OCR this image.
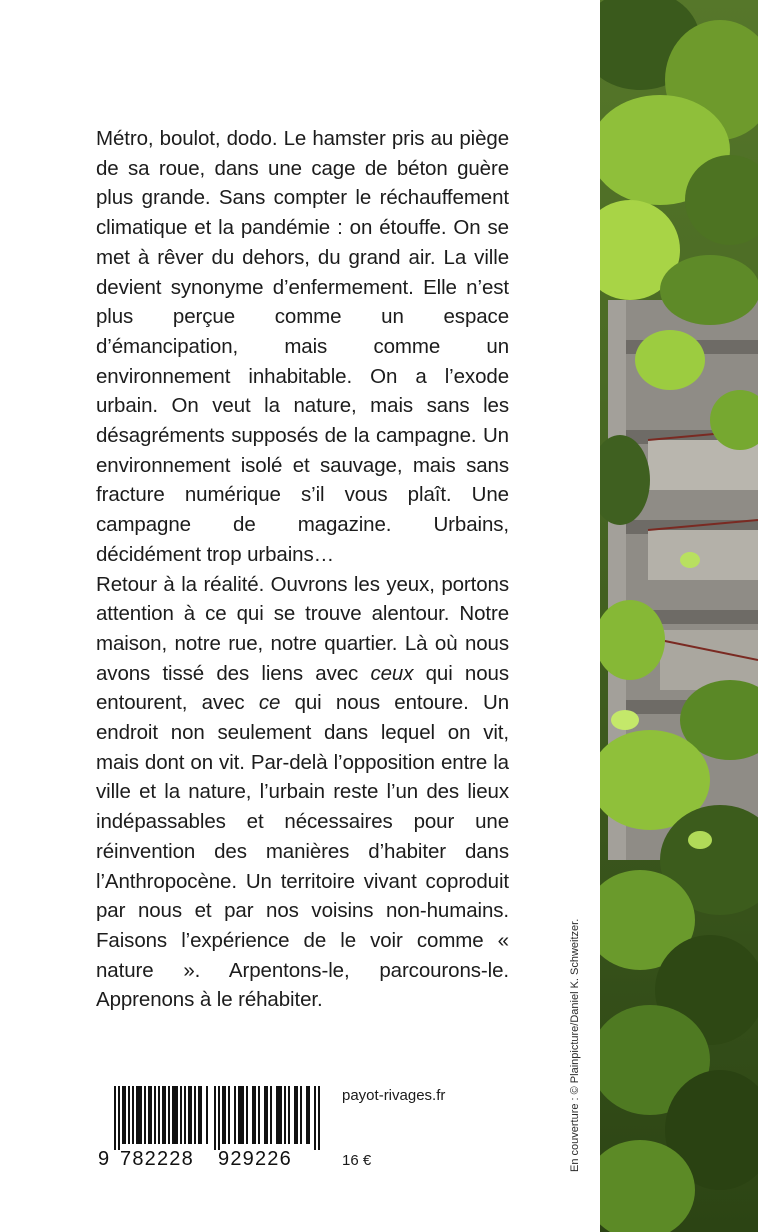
Métro, boulot, dodo. Le hamster pris au piège de sa roue, dans une cage de béton guère plus grande. Sans compter le réchauffement climatique et la pandémie : on étouffe. On se met à rêver du dehors, du grand air. La ville devient synonyme d’enfermement. Elle n’est plus perçue comme un espace d’émancipation, mais comme un environnement inhabitable. On a l’exode urbain. On veut la nature, mais sans les désagréments supposés de la campagne. Un environnement isolé et sauvage, mais sans fracture numérique s’il vous plaît. Une campagne de magazine. Urbains, décidément trop urbains…

Retour à la réalité. Ouvrons les yeux, portons attention à ce qui se trouve alentour. Notre maison, notre rue, notre quartier. Là où nous avons tissé des liens avec ceux qui nous entourent, avec ce qui nous entoure. Un endroit non seulement dans lequel on vit, mais dont on vit. Par-delà l’opposition entre la ville et la nature, l’urbain reste l’un des lieux indépassables et nécessaires pour une réinvention des manières d’habiter dans l’Anthropocène. Un territoire vivant coproduit par nous et par nos voisins non-humains. Faisons l’expérience de le voir comme « nature ». Arpentons-le, parcourons-le. Apprenons à le réhabiter.	En couverture : © Plainpicture/Daniel K. Schweitzer.
9 782228 929226
payot-rivages.fr
16 €
